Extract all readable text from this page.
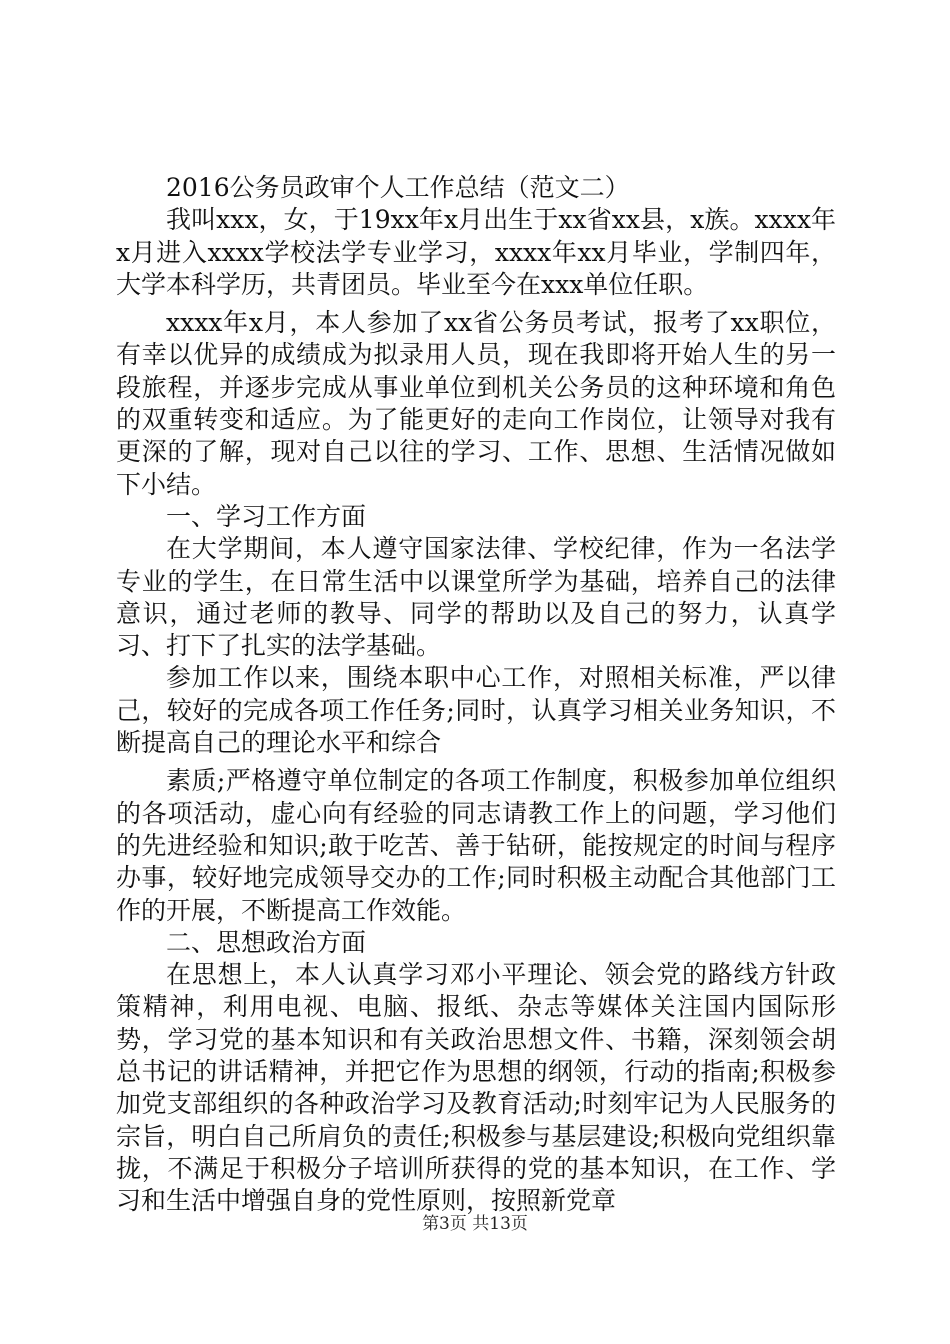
2016公务员政审个人工作总结（范文二）

我叫xxx，女，于19xx年x月出生于xx省xx县，x族。xxxx年x月进入xxxx学校法学专业学习，xxxx年xx月毕业，学制四年，大学本科学历，共青团员。毕业至今在xxx单位任职。

xxxx年x月，本人参加了xx省公务员考试，报考了xx职位，有幸以优异的成绩成为拟录用人员，现在我即将开始人生的另一段旅程，并逐步完成从事业单位到机关公务员的这种环境和角色的双重转变和适应。为了能更好的走向工作岗位，让领导对我有更深的了解，现对自己以往的学习、工作、思想、生活情况做如下小结。

一、学习工作方面

在大学期间，本人遵守国家法律、学校纪律，作为一名法学专业的学生，在日常生活中以课堂所学为基础，培养自己的法律意识，通过老师的教导、同学的帮助以及自己的努力，认真学习、打下了扎实的法学基础。

参加工作以来，围绕本职中心工作，对照相关标准，严以律己，较好的完成各项工作任务;同时，认真学习相关业务知识，不断提高自己的理论水平和综合

素质;严格遵守单位制定的各项工作制度，积极参加单位组织的各项活动，虚心向有经验的同志请教工作上的问题，学习他们的先进经验和知识;敢于吃苦、善于钻研，能按规定的时间与程序办事，较好地完成领导交办的工作;同时积极主动配合其他部门工作的开展，不断提高工作效能。

二、思想政治方面

在思想上，本人认真学习邓小平理论、领会党的路线方针政策精神，利用电视、电脑、报纸、杂志等媒体关注国内国际形势，学习党的基本知识和有关政治思想文件、书籍，深刻领会胡总书记的讲话精神，并把它作为思想的纲领，行动的指南;积极参加党支部组织的各种政治学习及教育活动;时刻牢记为人民服务的宗旨，明白自己所肩负的责任;积极参与基层建设;积极向党组织靠拢，不满足于积极分子培训所获得的党的基本知识，在工作、学习和生活中增强自身的党性原则，按照新党章

第3页 共13页
